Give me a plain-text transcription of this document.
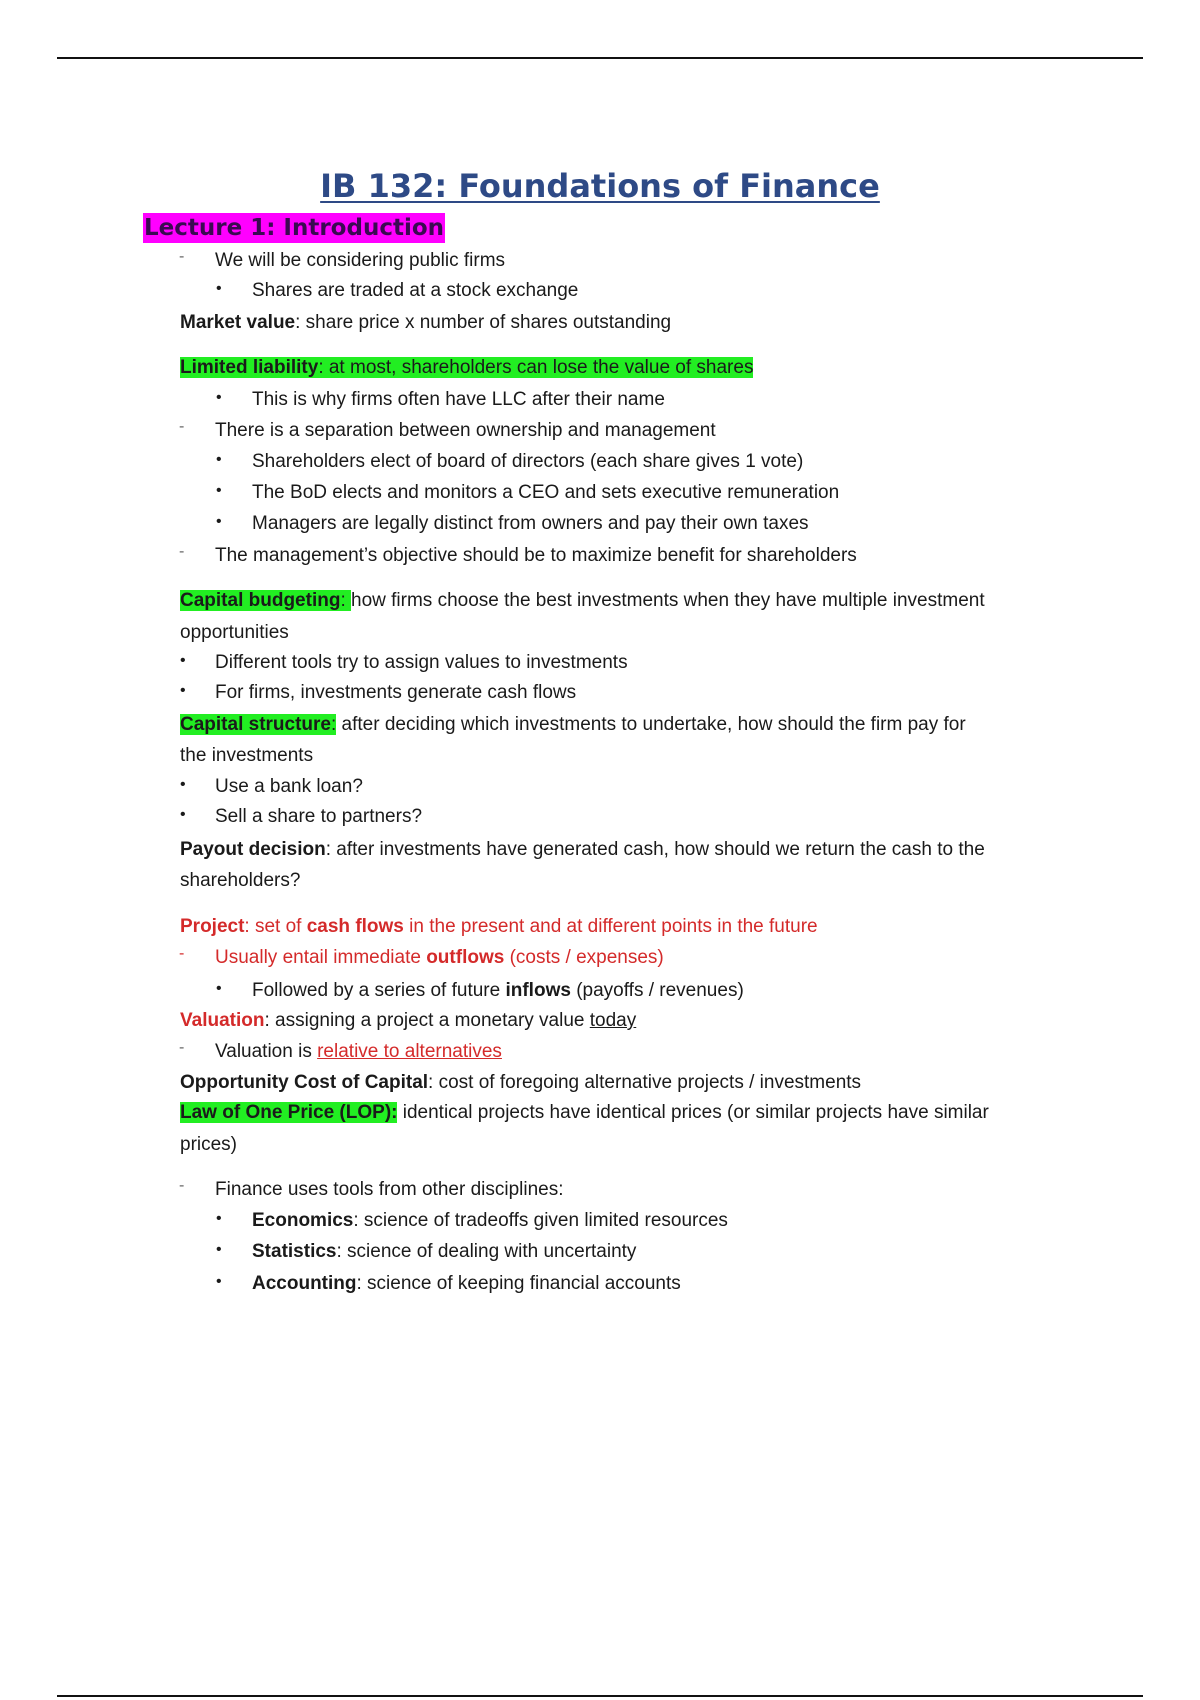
IB 132: Foundations of Finance
Lecture 1: Introduction
- We will be considering public firms
• Shares are traded at a stock exchange
Market value: share price x number of shares outstanding
Limited liability: at most, shareholders can lose the value of shares
• This is why firms often have LLC after their name
- There is a separation between ownership and management
• Shareholders elect of board of directors (each share gives 1 vote)
• The BoD elects and monitors a CEO and sets executive remuneration
• Managers are legally distinct from owners and pay their own taxes
- The management’s objective should be to maximize benefit for shareholders
Capital budgeting: how firms choose the best investments when they have multiple investment
opportunities
• Different tools try to assign values to investments
• For firms, investments generate cash flows
Capital structure: after deciding which investments to undertake, how should the firm pay for
the investments
• Use a bank loan?
• Sell a share to partners?
Payout decision: after investments have generated cash, how should we return the cash to the
shareholders?
Project: set of cash flows in the present and at different points in the future
- Usually entail immediate outflows (costs / expenses)
• Followed by a series of future inflows (payoffs / revenues)
Valuation: assigning a project a monetary value today
- Valuation is relative to alternatives
Opportunity Cost of Capital: cost of foregoing alternative projects / investments
Law of One Price (LOP): identical projects have identical prices (or similar projects have similar
prices)
- Finance uses tools from other disciplines:
• Economics: science of tradeoffs given limited resources
• Statistics: science of dealing with uncertainty
• Accounting: science of keeping financial accounts
